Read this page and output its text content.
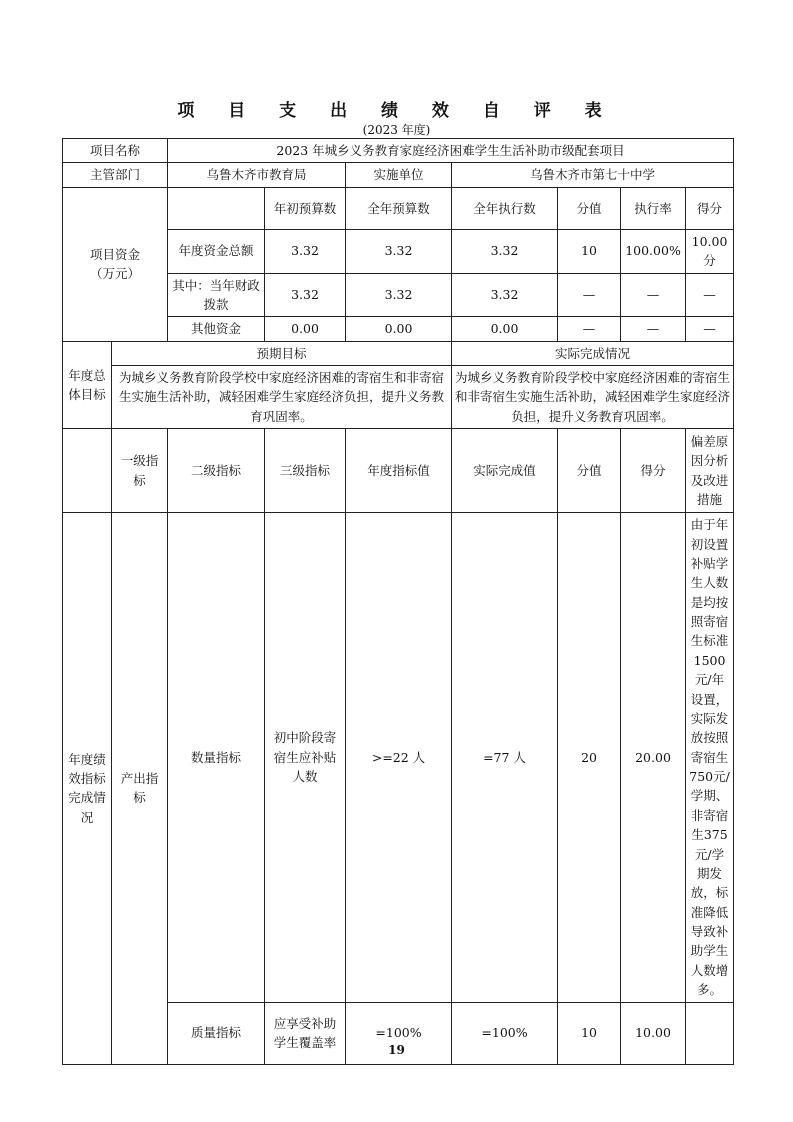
项 目 支 出 绩 效 自 评 表
(2023 年度)
项目名称		2023 年城乡义务教育家庭经济困难学生生活补助市级配套项目						
主管部门		乌鲁木齐市教育局		实施单位	乌鲁木齐市第七十中学			
项目资金
（万元）			年初预算数	全年预算数	全年执行数	分值	执行率	得分
		年度资金总额	3.32	3.32	3.32	10	100.00%	10.00 分
		其中：当年财政拨款	3.32	3.32	3.32	—	—	—
		其他资金	0.00	0.00	0.00	—	—	—
年度总体目标	预期目标				实际完成情况			
	为城乡义务教育阶段学校中家庭经济困难的寄宿生和非寄宿生实施生活补助，减轻困难学生家庭经济负担，提升义务教育巩固率。				为城乡义务教育阶段学校中家庭经济困难的寄宿生和非寄宿生实施生活补助，减轻困难学生家庭经济负担，提升义务教育巩固率。			
	一级指标	二级指标	三级指标	年度指标值	实际完成值	分值	得分	偏差原因分析及改进措施
年度绩效指标完成情况	产出指标	数量指标	初中阶段寄宿生应补贴人数	>=22 人	=77 人	20	20.00	由于年初设置补贴学生人数是均按照寄宿生标准1500元/年设置，实际发放按照寄宿生750元/学期、非寄宿生375元/学期发放，标准降低导致补助学生人数增多。
		质量指标	应享受补助学生覆盖率	=100%	=100%	10	10.00	
19
